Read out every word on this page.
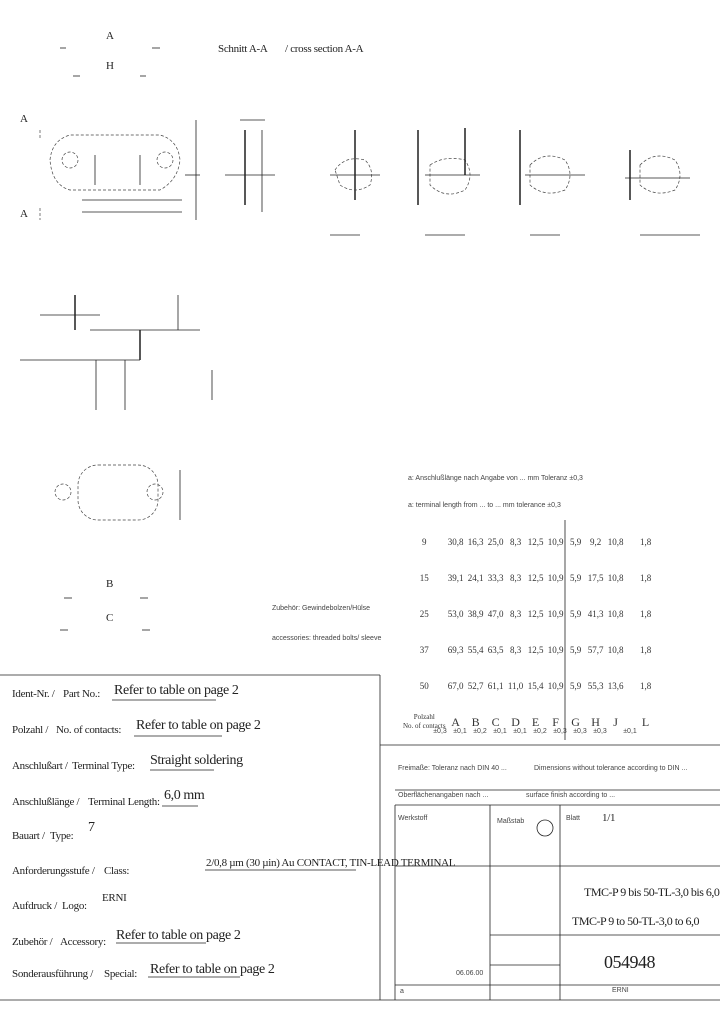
A
H
Schnitt A-A / cross section A-A
A
A
B
C
a: Anschlußlänge nach Angabe von ... mm Toleranz ±0,3
a: terminal length from ... to ... mm tolerance ±0,3
Zubehör: Gewindebolzen/Hülse
accessories: threaded bolts/ sleeve
9	30,8	16,3	25,0	8,3	12,5	10,9	5,9	9,2	10,8	1,8
15	39,1	24,1	33,3	8,3	12,5	10,9	5,9	17,5	10,8	1,8
25	53,0	38,9	47,0	8,3	12,5	10,9	5,9	41,3	10,8	1,8
37	69,3	55,4	63,5	8,3	12,5	10,9	5,9	57,7	10,8	1,8
50	67,0	52,7	61,1	11,0	15,4	10,9	5,9	55,3	13,6	1,8
Polzahl
No. of contacts	A	B	C	D	E	F	G	H	J	L
±0,3 ±0,1 ±0,2 ±0,1 ±0,1 ±0,2 ±0,3 ±0,3 ±0,3 ±0,1
Ident-Nr. / Part No.: Refer to table on page 2
Polzahl / No. of contacts: Refer to table on page 2
Anschlußart / Terminal Type: Straight soldering
Anschlußlänge / Terminal Length: 6,0 mm
Bauart / Type:
7
Anforderungsstufe / Class:
2/0,8 µm (30 µin) Au CONTACT, TIN-LEAD TERMINAL
Aufdruck / Logo:
ERNI
Zubehör / Accessory: Refer to table on page 2
Sonderausführung / Special: Refer to table on page 2
Freimaße: Toleranz nach DIN 40 ...	Dimensions without tolerance according to DIN ...
Oberflächenangaben nach ...	surface finish according to ...
Werkstoff	Maßstab	Blatt 1/1
TMC-P 9 bis 50-TL-3,0 bis 6,0
TMC-P 9 to 50-TL-3,0 to 6,0
054948
ERNI
06.06.00
a
